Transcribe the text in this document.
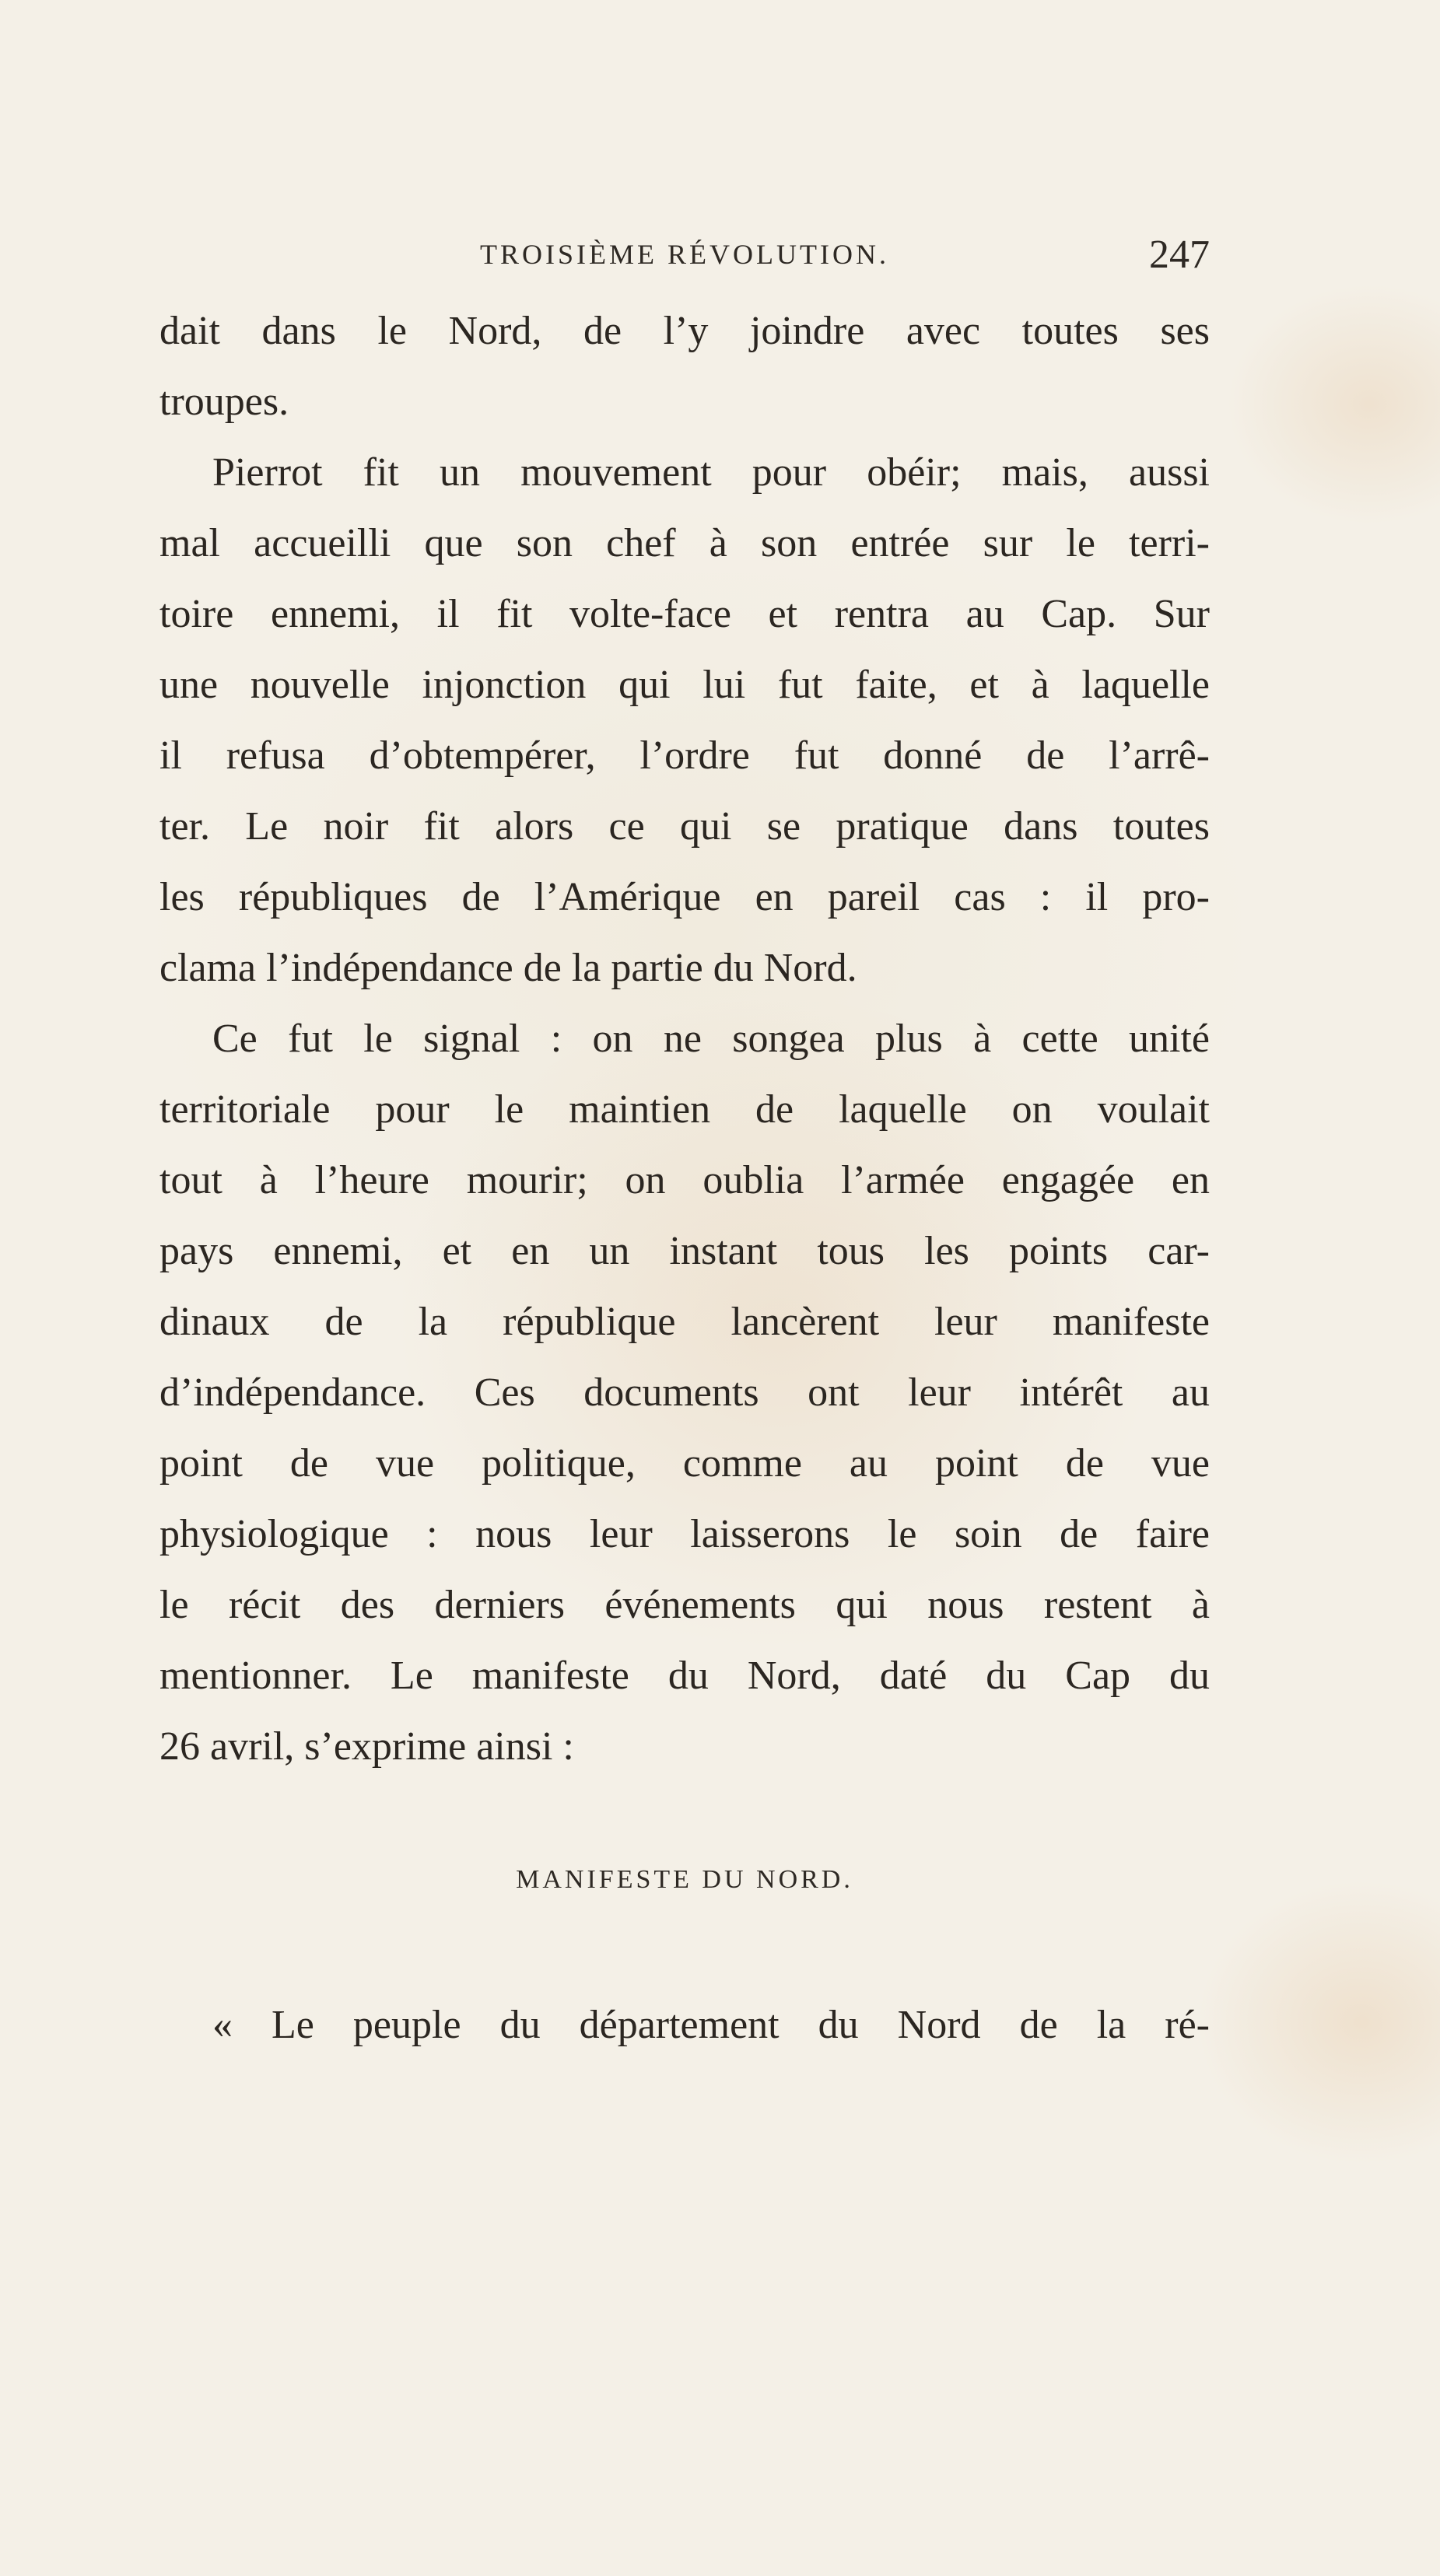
TROISIÈME RÉVOLUTION.	247
dait dans le Nord, de l’y joindre avec toutes ses
troupes.
Pierrot fit un mouvement pour obéir; mais, aussi
mal accueilli que son chef à son entrée sur le terri-
toire ennemi, il fit volte-face et rentra au Cap. Sur
une nouvelle injonction qui lui fut faite, et à laquelle
il refusa d’obtempérer, l’ordre fut donné de l’arrê-
ter. Le noir fit alors ce qui se pratique dans toutes
les républiques de l’Amérique en pareil cas : il pro-
clama l’indépendance de la partie du Nord.
Ce fut le signal : on ne songea plus à cette unité
territoriale pour le maintien de laquelle on voulait
tout à l’heure mourir; on oublia l’armée engagée en
pays ennemi, et en un instant tous les points car-
dinaux de la république lancèrent leur manifeste
d’indépendance. Ces documents ont leur intérêt au
point de vue politique, comme au point de vue
physiologique : nous leur laisserons le soin de faire
le récit des derniers événements qui nous restent à
mentionner. Le manifeste du Nord, daté du Cap du
26 avril, s’exprime ainsi :
MANIFESTE DU NORD.
« Le peuple du département du Nord de la ré-
